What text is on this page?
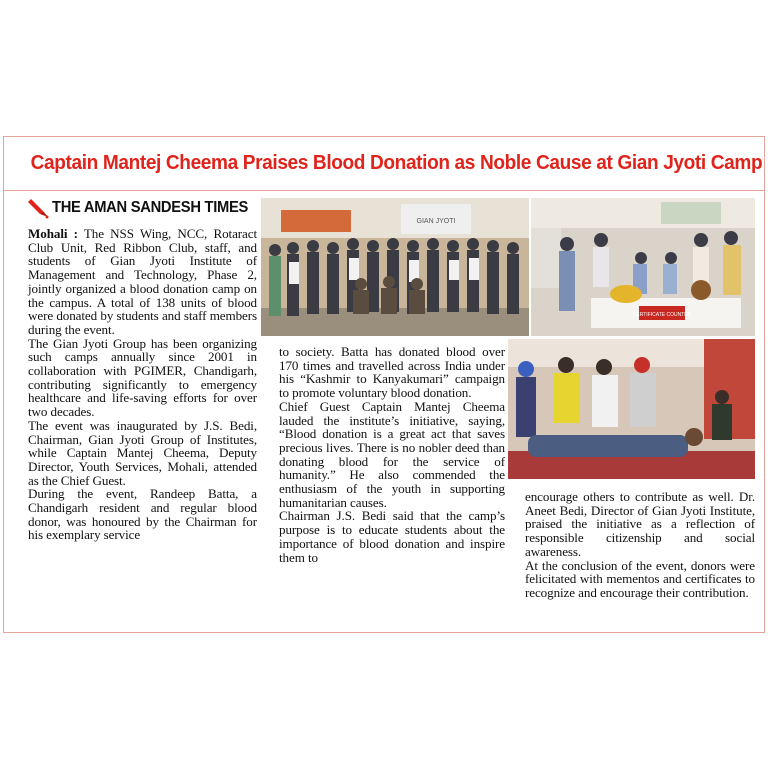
Captain Mantej Cheema Praises Blood Donation as Noble Cause at Gian Jyoti Camp
THE AMAN SANDESH TIMES

Mohali : The NSS Wing, NCC, Rotaract Club Unit, Red Ribbon Club, staff, and students of Gian Jyoti Institute of Management and Technology, Phase 2, jointly organized a blood donation camp on the campus. A total of 138 units of blood were donated by students and staff members during the event.

The Gian Jyoti Group has been organizing such camps annually since 2001 in collaboration with PGIMER, Chandigarh, contributing significantly to emergency healthcare and life-saving efforts for over two decades.

The event was inaugurated by J.S. Bedi, Chairman, Gian Jyoti Group of Institutes, while Captain Mantej Cheema, Deputy Director, Youth Services, Mohali, attended as the Chief Guest.

During the event, Randeep Batta, a Chandigarh resident and regular blood donor, was honoured by the Chairman for his exemplary service

GIAN JYOTI
CERTIFICATE COUNTER

to society. Batta has donated blood over 170 times and travelled across India under his “Kashmir to Kanyakumari” campaign to promote voluntary blood donation.

Chief Guest Captain Mantej Cheema lauded the institute’s initiative, saying, “Blood donation is a great act that saves precious lives. There is no nobler deed than donating blood for the service of humanity.” He also commended the enthusiasm of the youth in supporting humanitarian causes.

Chairman J.S. Bedi said that the camp’s purpose is to educate students about the importance of blood donation and inspire them to

encourage others to contribute as well. Dr. Aneet Bedi, Director of Gian Jyoti Institute, praised the initiative as a reflection of responsible citizenship and social awareness.

At the conclusion of the event, donors were felicitated with mementos and certificates to recognize and encourage their contribution.
